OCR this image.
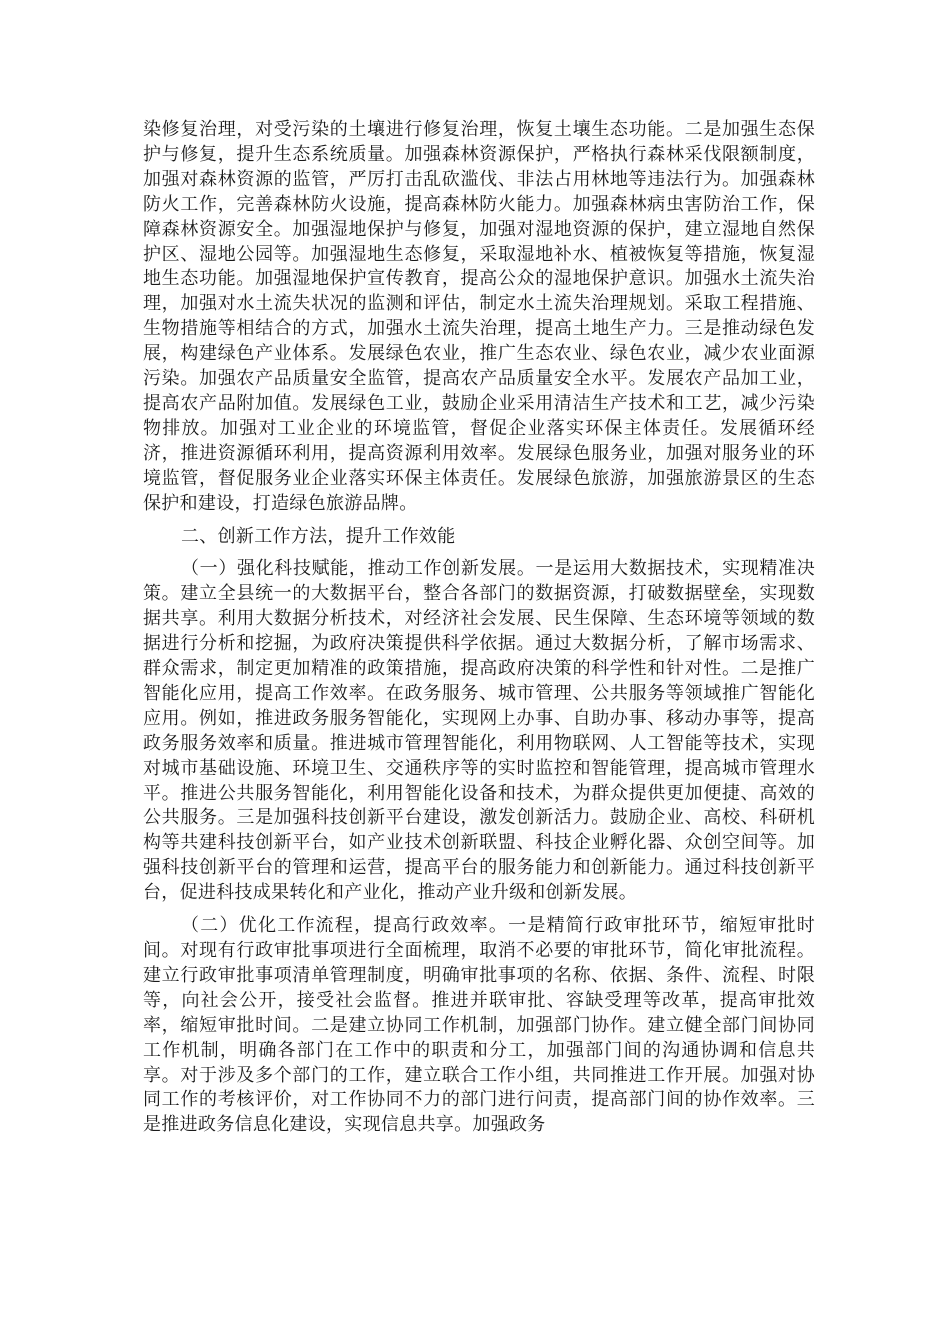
染修复治理，对受污染的土壤进行修复治理，恢复土壤生态功能。二是加强生态保护与修复，提升生态系统质量。加强森林资源保护，严格执行森林采伐限额制度，加强对森林资源的监管，严厉打击乱砍滥伐、非法占用林地等违法行为。加强森林防火工作，完善森林防火设施，提高森林防火能力。加强森林病虫害防治工作，保障森林资源安全。加强湿地保护与修复，加强对湿地资源的保护，建立湿地自然保护区、湿地公园等。加强湿地生态修复，采取湿地补水、植被恢复等措施，恢复湿地生态功能。加强湿地保护宣传教育，提高公众的湿地保护意识。加强水土流失治理，加强对水土流失状况的监测和评估，制定水土流失治理规划。采取工程措施、生物措施等相结合的方式，加强水土流失治理，提高土地生产力。三是推动绿色发展，构建绿色产业体系。发展绿色农业，推广生态农业、绿色农业，减少农业面源污染。加强农产品质量安全监管，提高农产品质量安全水平。发展农产品加工业，提高农产品附加值。发展绿色工业，鼓励企业采用清洁生产技术和工艺，减少污染物排放。加强对工业企业的环境监管，督促企业落实环保主体责任。发展循环经济，推进资源循环利用，提高资源利用效率。发展绿色服务业，加强对服务业的环境监管，督促服务业企业落实环保主体责任。发展绿色旅游，加强旅游景区的生态保护和建设，打造绿色旅游品牌。

二、创新工作方法，提升工作效能

（一）强化科技赋能，推动工作创新发展。一是运用大数据技术，实现精准决策。建立全县统一的大数据平台，整合各部门的数据资源，打破数据壁垒，实现数据共享。利用大数据分析技术，对经济社会发展、民生保障、生态环境等领域的数据进行分析和挖掘，为政府决策提供科学依据。通过大数据分析，了解市场需求、群众需求，制定更加精准的政策措施，提高政府决策的科学性和针对性。二是推广智能化应用，提高工作效率。在政务服务、城市管理、公共服务等领域推广智能化应用。例如，推进政务服务智能化，实现网上办事、自助办事、移动办事等，提高政务服务效率和质量。推进城市管理智能化，利用物联网、人工智能等技术，实现对城市基础设施、环境卫生、交通秩序等的实时监控和智能管理，提高城市管理水平。推进公共服务智能化，利用智能化设备和技术，为群众提供更加便捷、高效的公共服务。三是加强科技创新平台建设，激发创新活力。鼓励企业、高校、科研机构等共建科技创新平台，如产业技术创新联盟、科技企业孵化器、众创空间等。加强科技创新平台的管理和运营，提高平台的服务能力和创新能力。通过科技创新平台，促进科技成果转化和产业化，推动产业升级和创新发展。

（二）优化工作流程，提高行政效率。一是精简行政审批环节，缩短审批时间。对现有行政审批事项进行全面梳理，取消不必要的审批环节，简化审批流程。建立行政审批事项清单管理制度，明确审批事项的名称、依据、条件、流程、时限等，向社会公开，接受社会监督。推进并联审批、容缺受理等改革，提高审批效率，缩短审批时间。二是建立协同工作机制，加强部门协作。建立健全部门间协同工作机制，明确各部门在工作中的职责和分工，加强部门间的沟通协调和信息共享。对于涉及多个部门的工作，建立联合工作小组，共同推进工作开展。加强对协同工作的考核评价，对工作协同不力的部门进行问责，提高部门间的协作效率。三是推进政务信息化建设，实现信息共享。加强政务
